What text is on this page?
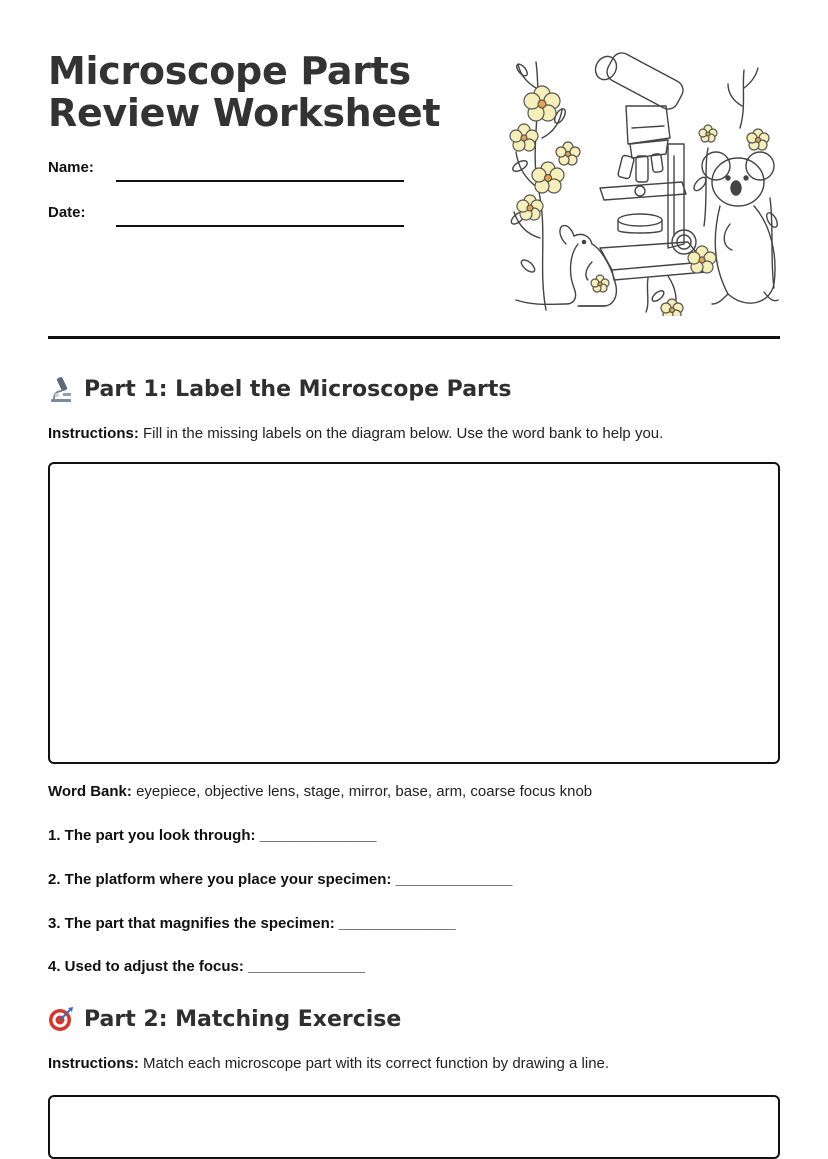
Microscope Parts
Review Worksheet
Name:
Date:
Part 1: Label the Microscope Parts
Instructions: Fill in the missing labels on the diagram below. Use the word bank to help you.
Word Bank: eyepiece, objective lens, stage, mirror, base, arm, coarse focus knob
1. The part you look through: ______________
2. The platform where you place your specimen: ______________
3. The part that magnifies the specimen: ______________
4. Used to adjust the focus: ______________
Part 2: Matching Exercise
Instructions: Match each microscope part with its correct function by drawing a line.
